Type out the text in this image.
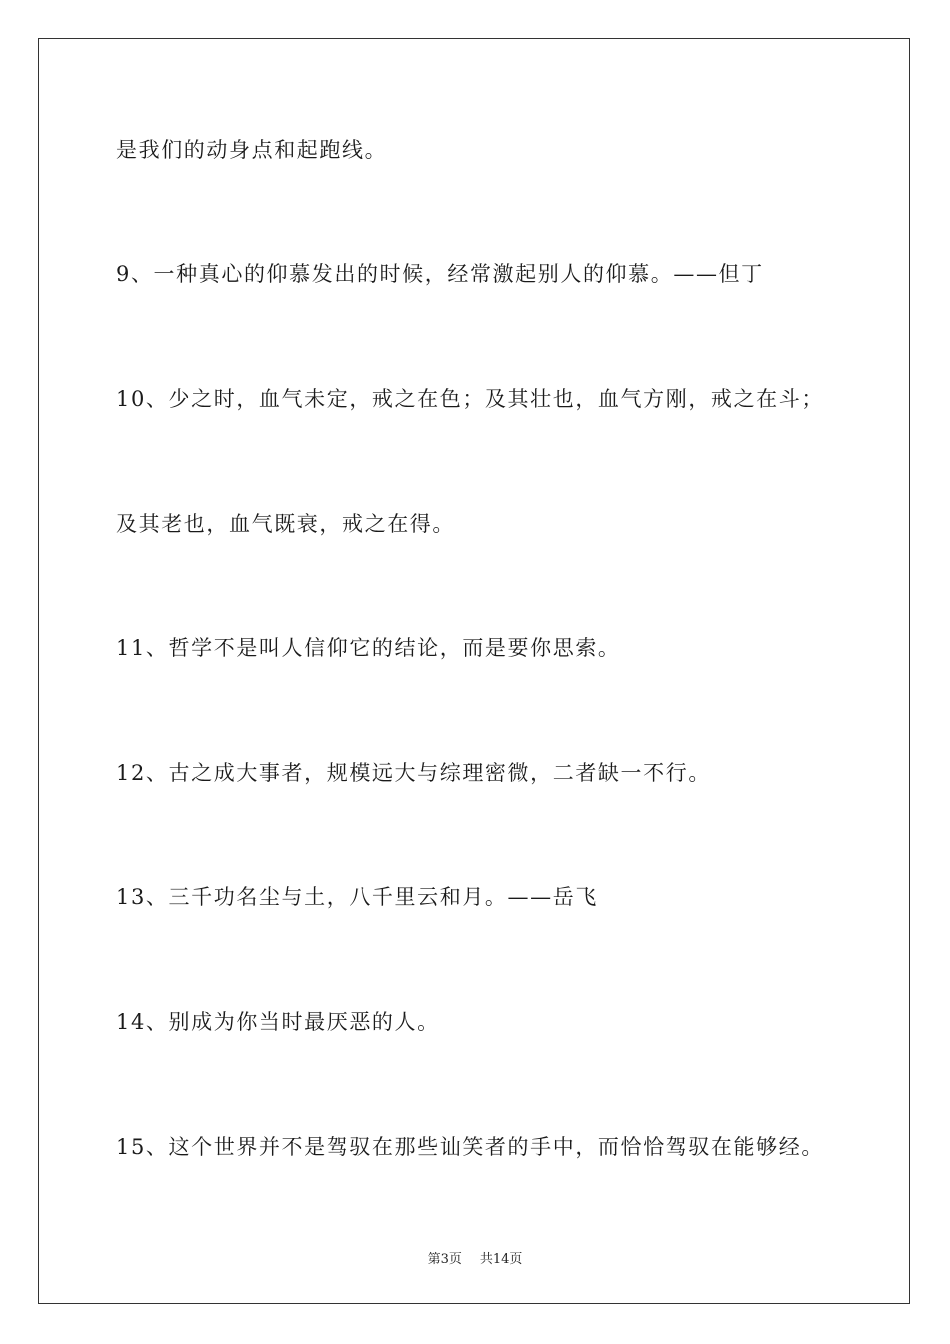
是我们的动身点和起跑线。
9、一种真心的仰慕发出的时候，经常激起别人的仰慕。——但丁
10、少之时，血气未定，戒之在色；及其壮也，血气方刚，戒之在斗；
及其老也，血气既衰，戒之在得。
11、哲学不是叫人信仰它的结论，而是要你思索。
12、古之成大事者，规模远大与综理密微，二者缺一不行。
13、三千功名尘与土，八千里云和月。——岳飞
14、别成为你当时最厌恶的人。
15、这个世界并不是驾驭在那些讪笑者的手中，而恰恰驾驭在能够经。
第3页 共14页
